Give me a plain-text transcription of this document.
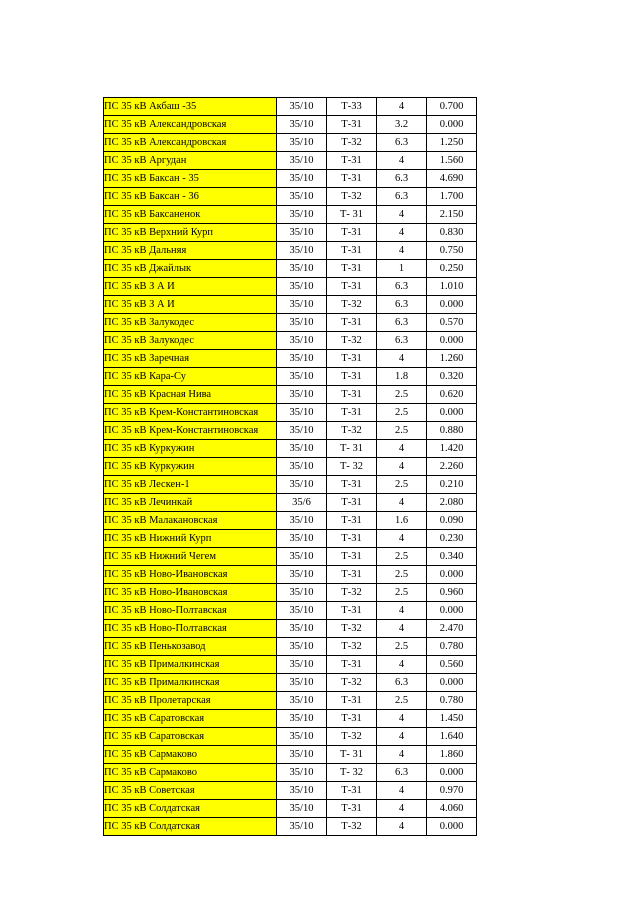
ПС 35 кВ Акбаш -35	35/10	Т-33	4	0.700
ПС 35 кВ Александровская	35/10	Т-31	3.2	0.000
ПС 35 кВ Александровская	35/10	Т-32	6.3	1.250
ПС 35 кВ Аргудан	35/10	Т-31	4	1.560
ПС 35 кВ Баксан - 35	35/10	Т-31	6.3	4.690
ПС 35 кВ Баксан - 36	35/10	Т-32	6.3	1.700
ПС 35 кВ Баксаненок	35/10	Т- 31	4	2.150
ПС 35 кВ Верхний Курп	35/10	Т-31	4	0.830
ПС 35 кВ Дальняя	35/10	Т-31	4	0.750
ПС 35 кВ Джайлык	35/10	Т-31	1	0.250
ПС 35 кВ З А И	35/10	Т-31	6.3	1.010
ПС 35 кВ З А И	35/10	Т-32	6.3	0.000
ПС 35 кВ Залукодес	35/10	Т-31	6.3	0.570
ПС 35 кВ Залукодес	35/10	Т-32	6.3	0.000
ПС 35 кВ Заречная	35/10	Т-31	4	1.260
ПС 35 кВ Кара-Су	35/10	Т-31	1.8	0.320
ПС 35 кВ Красная Нива	35/10	Т-31	2.5	0.620
ПС 35 кВ Крем-Константиновская	35/10	Т-31	2.5	0.000
ПС 35 кВ Крем-Константиновская	35/10	Т-32	2.5	0.880
ПС 35 кВ Куркужин	35/10	Т- 31	4	1.420
ПС 35 кВ Куркужин	35/10	Т- 32	4	2.260
ПС 35 кВ Лескен-1	35/10	Т-31	2.5	0.210
ПС 35 кВ Лечинкай	35/6	Т-31	4	2.080
ПС 35 кВ Малакановская	35/10	Т-31	1.6	0.090
ПС 35 кВ Нижний Курп	35/10	Т-31	4	0.230
ПС 35 кВ Нижний Чегем	35/10	Т-31	2.5	0.340
ПС 35 кВ Ново-Ивановская	35/10	Т-31	2.5	0.000
ПС 35 кВ Ново-Ивановская	35/10	Т-32	2.5	0.960
ПС 35 кВ Ново-Полтавская	35/10	Т-31	4	0.000
ПС 35 кВ Ново-Полтавская	35/10	Т-32	4	2.470
ПС 35 кВ Пенькозавод	35/10	Т-32	2.5	0.780
ПС 35 кВ Прималкинская	35/10	Т-31	4	0.560
ПС 35 кВ Прималкинская	35/10	Т-32	6.3	0.000
ПС 35 кВ Пролетарская	35/10	Т-31	2.5	0.780
ПС 35 кВ Саратовская	35/10	Т-31	4	1.450
ПС 35 кВ Саратовская	35/10	Т-32	4	1.640
ПС 35 кВ Сармаково	35/10	Т- 31	4	1.860
ПС 35 кВ Сармаково	35/10	Т- 32	6.3	0.000
ПС 35 кВ Советская	35/10	Т-31	4	0.970
ПС 35 кВ Солдатская	35/10	Т-31	4	4.060
ПС 35 кВ Солдатская	35/10	Т-32	4	0.000
